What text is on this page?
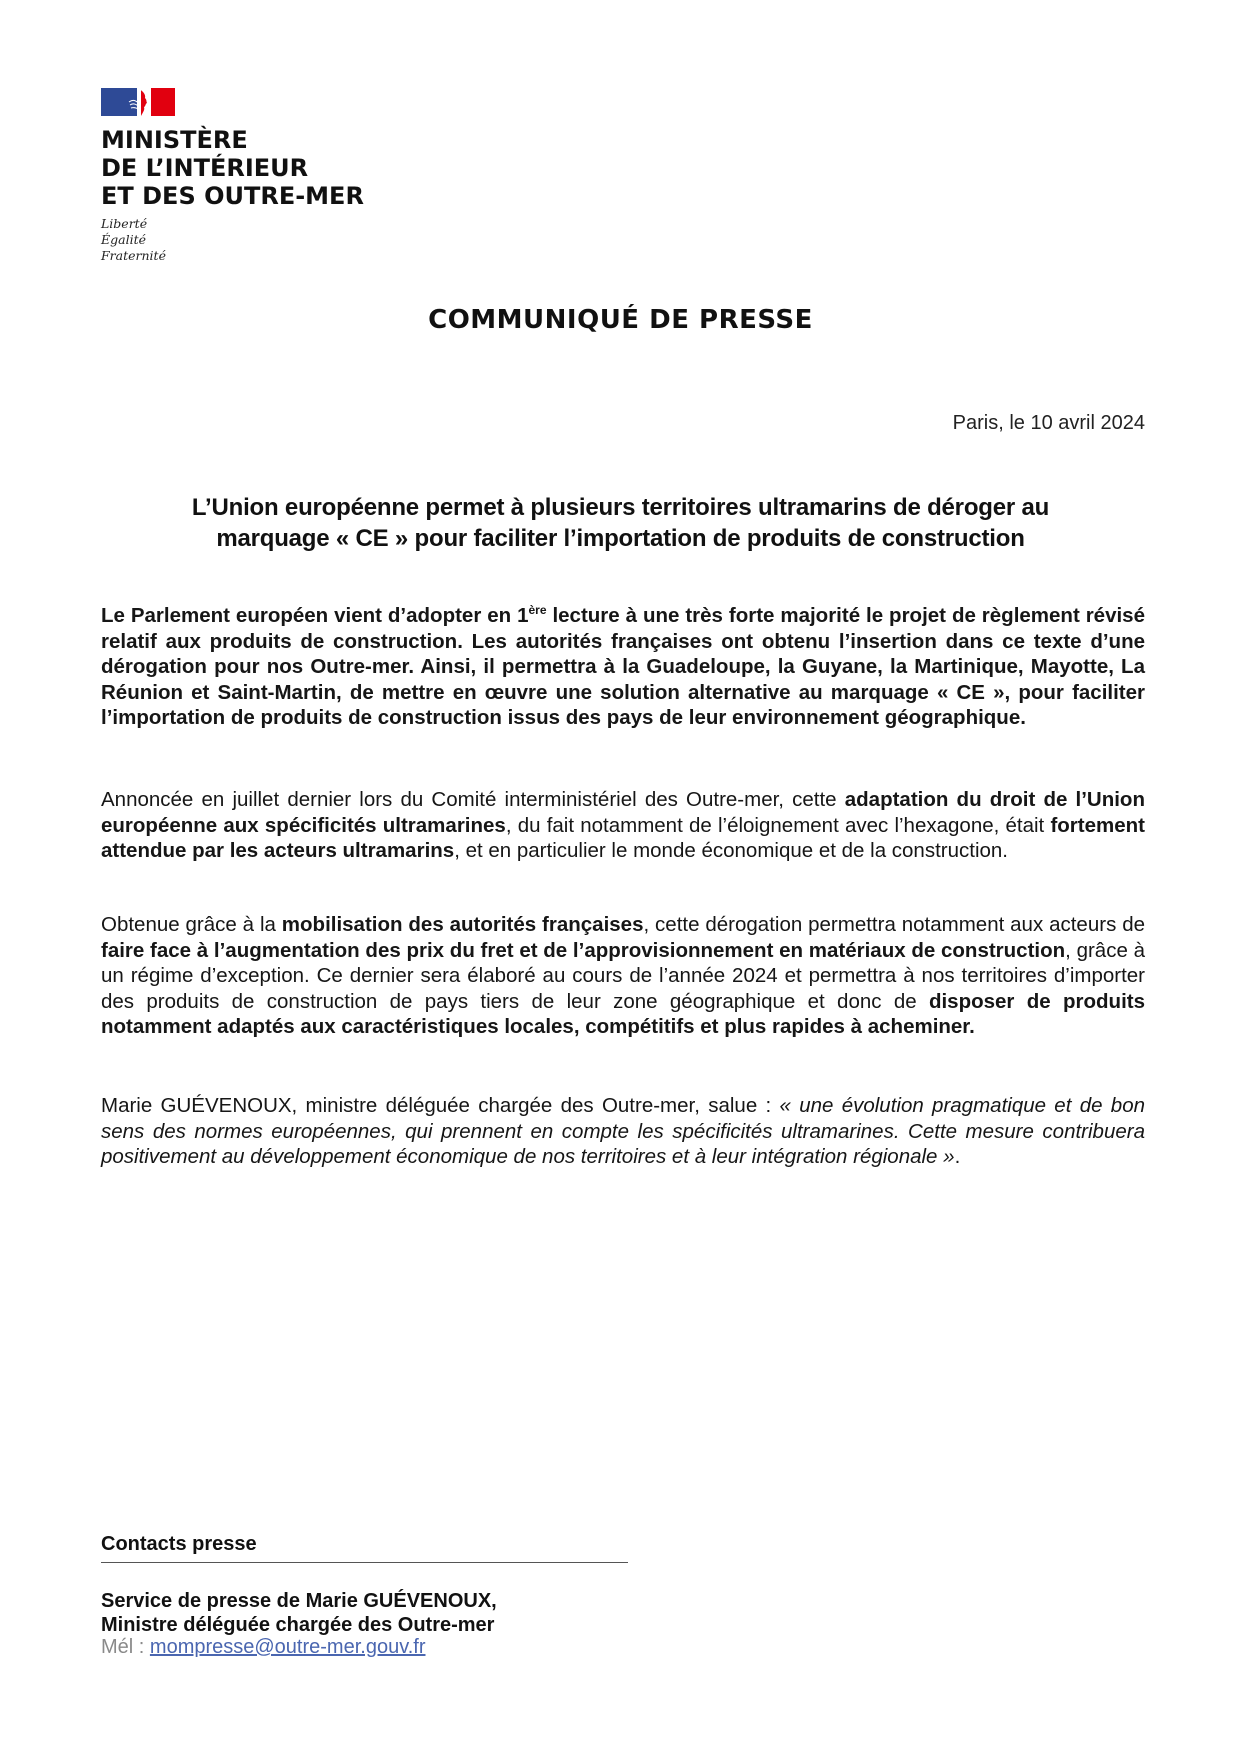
MINISTÈRE
DE L’INTÉRIEUR
ET DES OUTRE-MER
Liberté
Égalité
Fraternité
COMMUNIQUÉ DE PRESSE
Paris, le 10 avril 2024
L’Union européenne permet à plusieurs territoires ultramarins de déroger au
marquage « CE » pour faciliter l’importation de produits de construction
Le Parlement européen vient d’adopter en 1ère lecture à une très forte majorité le projet de règlement révisé relatif aux produits de construction. Les autorités françaises ont obtenu l’insertion dans ce texte d’une dérogation pour nos Outre-mer. Ainsi, il permettra à la Guadeloupe, la Guyane, la Martinique, Mayotte, La Réunion et Saint-Martin, de mettre en œuvre une solution alternative au marquage « CE », pour faciliter l’importation de produits de construction issus des pays de leur environnement géographique.
Annoncée en juillet dernier lors du Comité interministériel des Outre-mer, cette adaptation du droit de l’Union européenne aux spécificités ultramarines, du fait notamment de l’éloignement avec l’hexagone, était fortement attendue par les acteurs ultramarins, et en particulier le monde économique et de la construction.
Obtenue grâce à la mobilisation des autorités françaises, cette dérogation permettra notamment aux acteurs de faire face à l’augmentation des prix du fret et de l’approvisionnement en matériaux de construction, grâce à un régime d’exception. Ce dernier sera élaboré au cours de l’année 2024 et permettra à nos territoires d’importer des produits de construction de pays tiers de leur zone géographique et donc de disposer de produits notamment adaptés aux caractéristiques locales, compétitifs et plus rapides à acheminer.
Marie GUÉVENOUX, ministre déléguée chargée des Outre-mer, salue : « une évolution pragmatique et de bon sens des normes européennes, qui prennent en compte les spécificités ultramarines. Cette mesure contribuera positivement au développement économique de nos territoires et à leur intégration régionale ».
Contacts presse
Service de presse de Marie GUÉVENOUX,
Ministre déléguée chargée des Outre-mer
Mél : mompresse@outre-mer.gouv.fr
